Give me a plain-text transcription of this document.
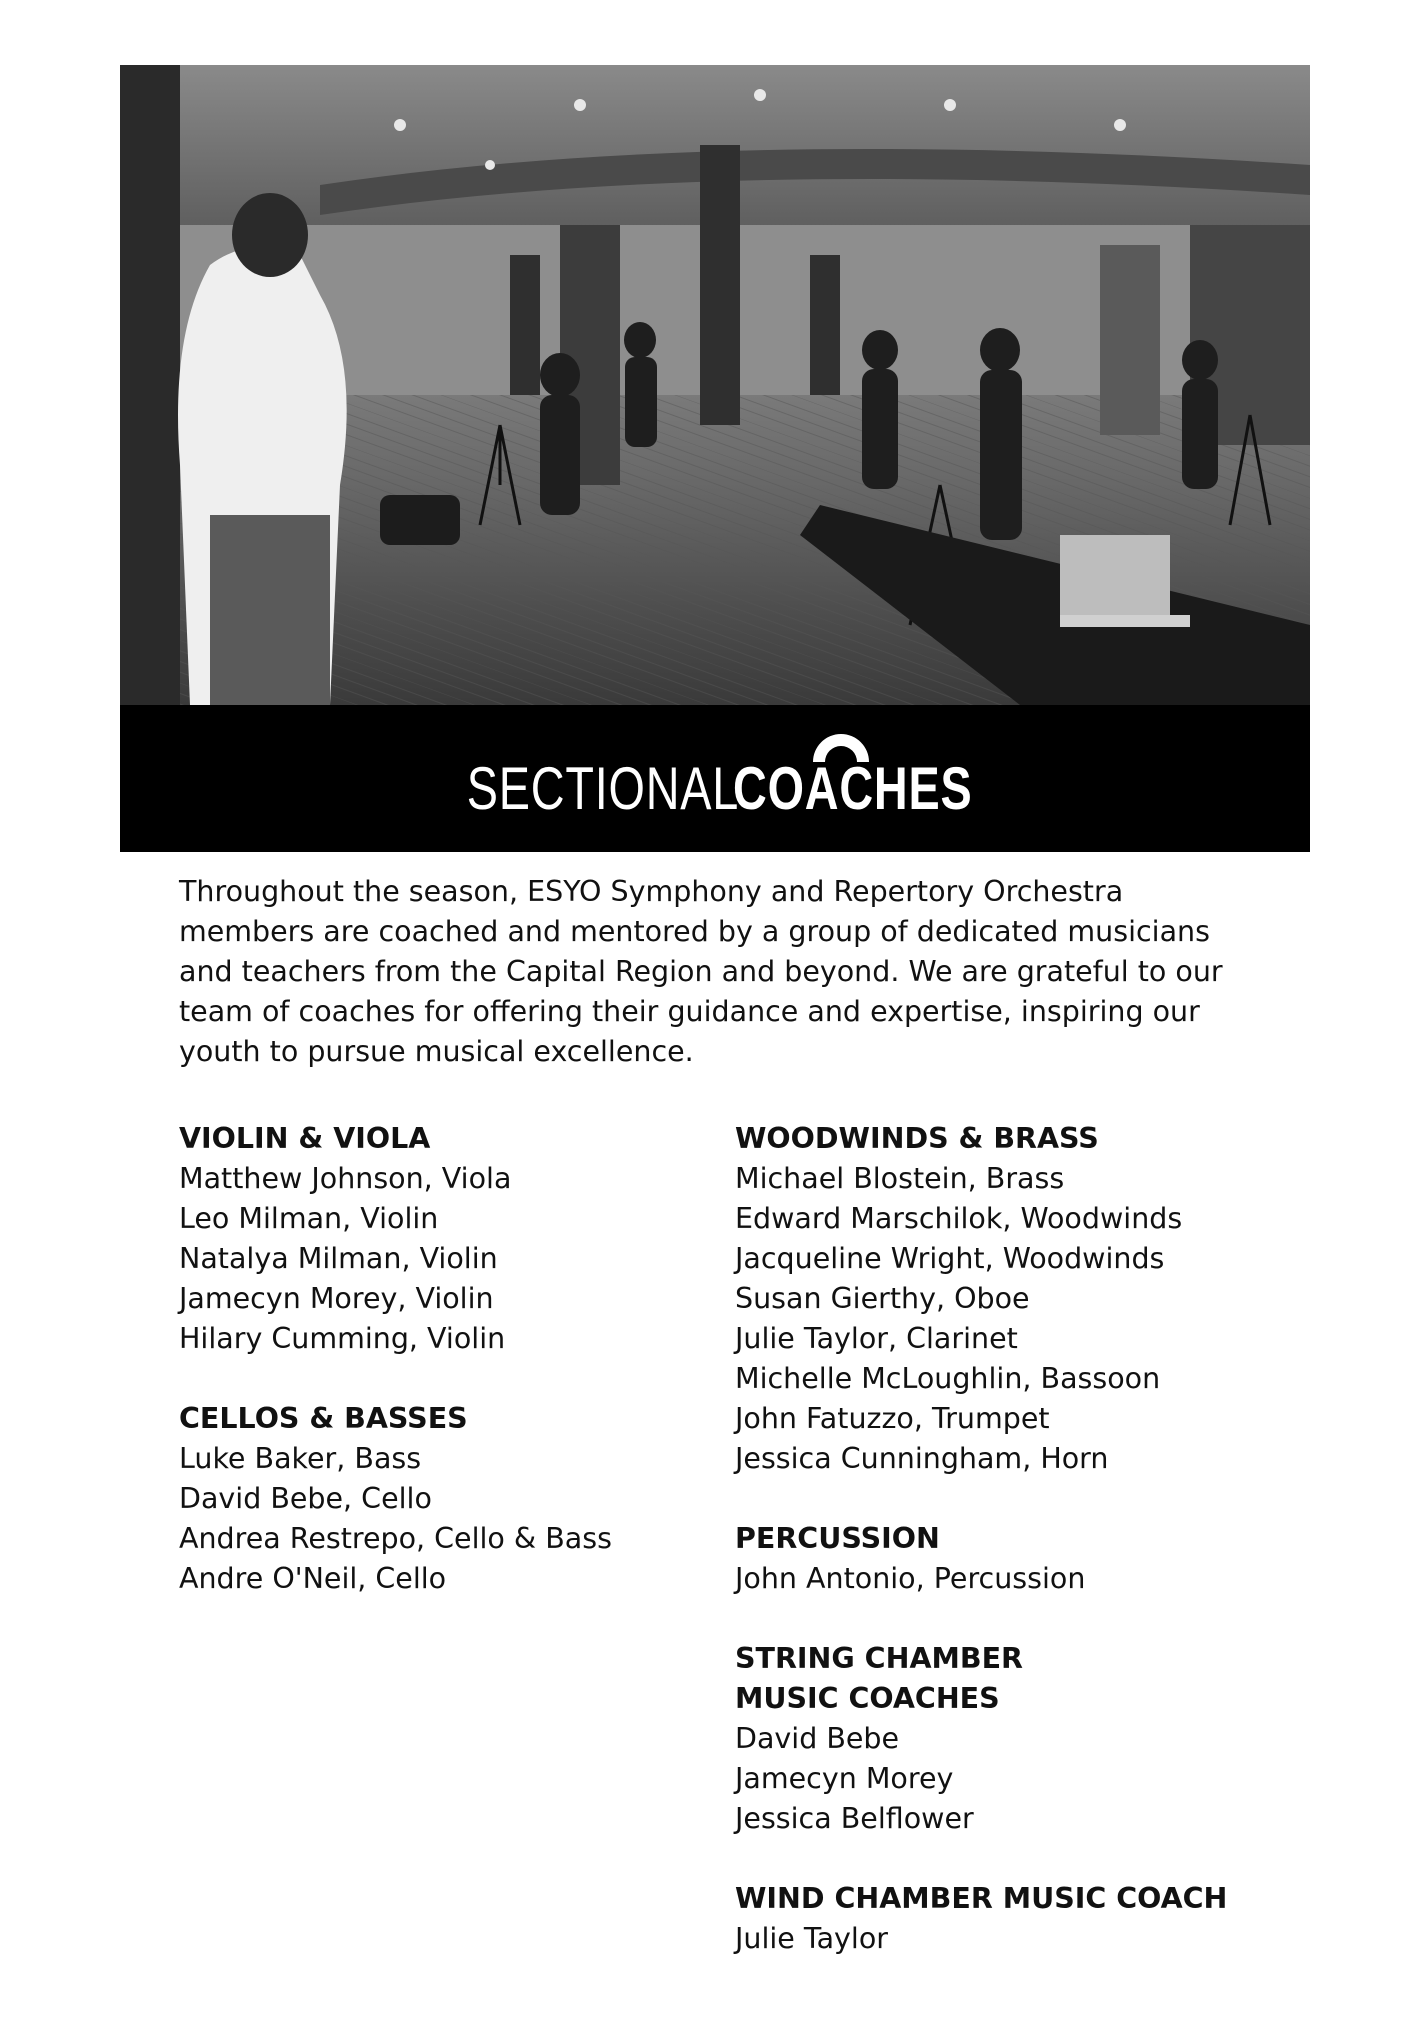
SECTIONAL COACHES

Throughout the season, ESYO Symphony and Repertory Orchestra members are coached and mentored by a group of dedicated musicians and teachers from the Capital Region and beyond. We are grateful to our team of coaches for offering their guidance and expertise, inspiring our youth to pursue musical excellence.

VIOLIN & VIOLA
Matthew Johnson, Viola
Leo Milman, Violin
Natalya Milman, Violin
Jamecyn Morey, Violin
Hilary Cumming, Violin
CELLOS & BASSES
Luke Baker, Bass
David Bebe, Cello
Andrea Restrepo, Cello & Bass
Andre O'Neil, Cello
WOODWINDS & BRASS
Michael Blostein, Brass
Edward Marschilok, Woodwinds
Jacqueline Wright, Woodwinds
Susan Gierthy, Oboe
Julie Taylor, Clarinet
Michelle McLoughlin, Bassoon
John Fatuzzo, Trumpet
Jessica Cunningham, Horn
PERCUSSION
John Antonio, Percussion
STRING CHAMBER MUSIC COACHES
David Bebe
Jamecyn Morey
Jessica Belflower
WIND CHAMBER MUSIC COACH
Julie Taylor
